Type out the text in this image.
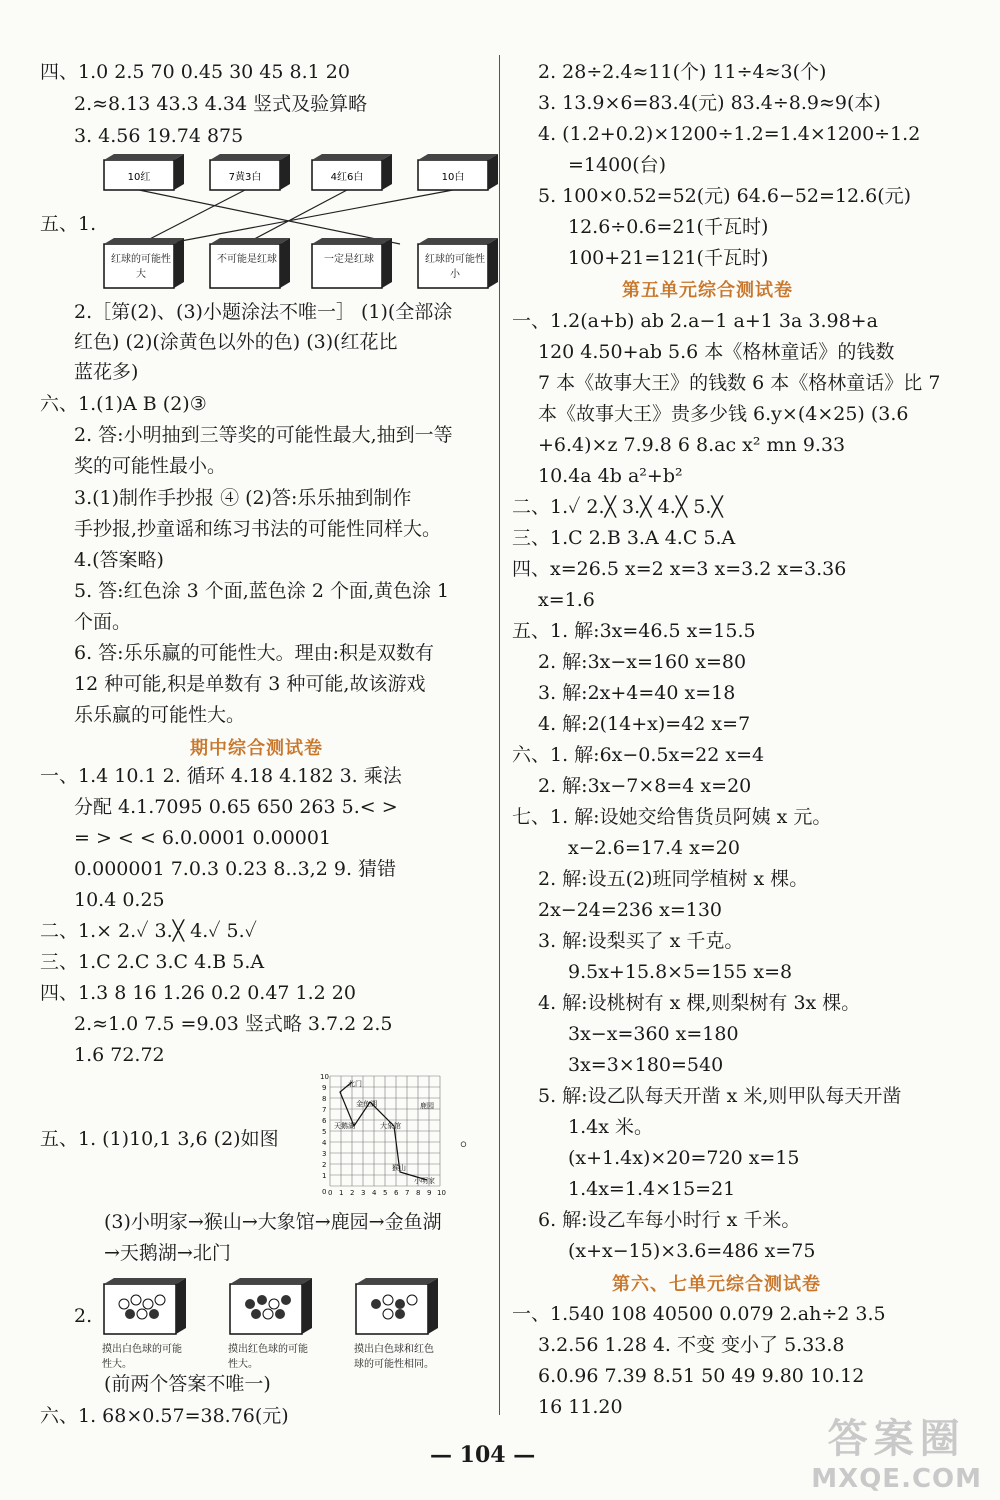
四、1.0 2.5 70 0.45 30 45 8.1 20
2.≈8.13 43.3 4.34 竖式及验算略
3. 4.56 19.74 875
10红	7黄3白	4红6白	10白
红球的可能性大
不可能是红球	一定是红球	红球的可能性小
五、1.
2.［第(2)、(3)小题涂法不唯一］ (1)(全部涂
红色) (2)(涂黄色以外的色) (3)(红花比
蓝花多)
六、1.(1)A B (2)③
2. 答:小明抽到三等奖的可能性最大,抽到一等
奖的可能性最小。
3.(1)制作手抄报 ④ (2)答:乐乐抽到制作
手抄报,抄童谣和练习书法的可能性同样大。
4.(答案略)
5. 答:红色涂 3 个面,蓝色涂 2 个面,黄色涂 1
个面。
6. 答:乐乐赢的可能性大。理由:积是双数有
12 种可能,积是单数有 3 种可能,故该游戏
乐乐赢的可能性大。
期中综合测试卷
一、1.4 10.1 2. 循环 4.18 4.182 3. 乘法
分配 4.1.7095 0.65 650 263 5.< >
= > < < 6.0.0001 0.00001
0.000001 7.0.3 0.23 8..3,2 9. 猜错
10.4 0.25
二、1.× 2.✓ 3.╳ 4.✓ 5.✓
三、1.C 2.C 3.C 4.B 5.A
四、1.3 8 16 1.26 0.2 0.47 1.2 20
2.≈1.0 7.5 =9.03 竖式略 3.7.2 2.5
1.6 72.72
五、1. (1)10,1 3,6 (2)如图	。
10
9
8
7
6
5
4
3
2
1
0 0 1 2 3 4 5 6 7 8 9 10
北门
金鱼湖	鹿园
天鹅湖	大象馆
小明家
猴山
(3)小明家→猴山→大象馆→鹿园→金鱼湖
→天鹅湖→北门
2.
摸出白色球的可能性大。
摸出红色球的可能性大。
摸出白色球和红色球的可能性相同。
(前两个答案不唯一)
六、1. 68×0.57=38.76(元)
2. 28÷2.4≈11(个) 11÷4≈3(个)
3. 13.9×6=83.4(元) 83.4÷8.9≈9(本)
4. (1.2+0.2)×1200÷1.2=1.4×1200÷1.2
=1400(台)
5. 100×0.52=52(元) 64.6−52=12.6(元)
12.6÷0.6=21(千瓦时)
100+21=121(千瓦时)
第五单元综合测试卷
一、1.2(a+b) ab 2.a−1 a+1 3a 3.98+a
120 4.50+ab 5.6 本《格林童话》的钱数
7 本《故事大王》的钱数 6 本《格林童话》比 7
本《故事大王》贵多少钱 6.y×(4×25) (3.6
+6.4)×z 7.9.8 6 8.ac x² mn 9.33
10.4a 4b a²+b²
二、1.✓ 2.╳ 3.╳ 4.╳ 5.╳
三、1.C 2.B 3.A 4.C 5.A
四、x=26.5 x=2 x=3 x=3.2 x=3.36
x=1.6
五、1. 解:3x=46.5 x=15.5
2. 解:3x−x=160 x=80
3. 解:2x+4=40 x=18
4. 解:2(14+x)=42 x=7
六、1. 解:6x−0.5x=22 x=4
2. 解:3x−7×8=4 x=20
七、1. 解:设她交给售货员阿姨 x 元。
x−2.6=17.4 x=20
2. 解:设五(2)班同学植树 x 棵。
2x−24=236 x=130
3. 解:设梨买了 x 千克。
9.5x+15.8×5=155 x=8
4. 解:设桃树有 x 棵,则梨树有 3x 棵。
3x−x=360 x=180
3x=3×180=540
5. 解:设乙队每天开凿 x 米,则甲队每天开凿
1.4x 米。
(x+1.4x)×20=720 x=15
1.4x=1.4×15=21
6. 解:设乙车每小时行 x 千米。
(x+x−15)×3.6=486 x=75
第六、七单元综合测试卷
一、1.540 108 40500 0.079 2.ah÷2 3.5
3.2.56 1.28 4. 不变 变小了 5.33.8
6.0.96 7.39 8.51 50 49 9.80 10.12
16 11.20
— 104 —	答案圈
MXQE.COM
